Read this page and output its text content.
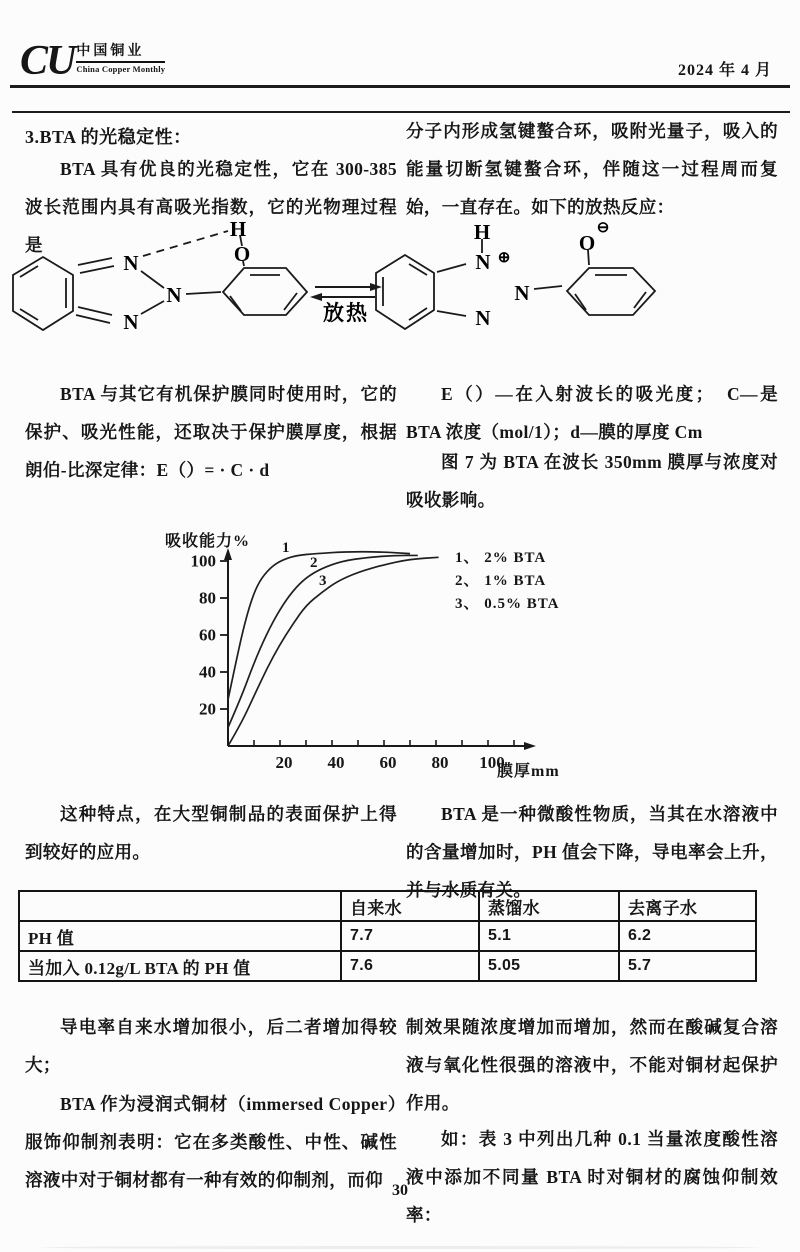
CU 中国铜业
China Copper Monthly	2024 年 4 月
3.BTA 的光稳定性：
BTA 具有优良的光稳定性，它在 300-385 波长范围内具有高吸光指数，它的光物理过程是
分子内形成氢键螯合环，吸附光量子，吸入的能量切断氢键螯合环，伴随这一过程周而复始，一直存在。如下的放热反应：
N
N
N
H
O
放热
H
N ⊕
N
N
O
⊖
BTA 与其它有机保护膜同时使用时，它的保护、吸光性能，还取决于保护膜厚度，根据朗伯-比深定律：E（）= · C · d
E（）—在入射波长的吸光度；　C—是 BTA 浓度（mol/1）；d—膜的厚度 Cm
图 7 为 BTA 在波长 350mm 膜厚与浓度对吸收影响。
20
40
60
80
100
20 40 60 80 100
吸收能力%
膜厚mm
1
2
3
1、 2% BTA
2、 1% BTA
3、 0.5% BTA
这种特点，在大型铜制品的表面保护上得到较好的应用。
BTA 是一种微酸性物质，当其在水溶液中的含量增加时，PH 值会下降，导电率会上升，并与水质有关。
	自来水	蒸馏水	去离子水
PH 值	7.7	5.1	6.2
当加入 0.12g/L BTA 的 PH 值	7.6	5.05	5.7
导电率自来水增加很小，后二者增加得较大；
BTA 作为浸润式铜材（immersed Copper）服饰仰制剂表明：它在多类酸性、中性、碱性溶液中对于铜材都有一种有效的仰制剂，而仰
制效果随浓度增加而增加，然而在酸碱复合溶液与氧化性很强的溶液中，不能对铜材起保护作用。
如：表 3 中列出几种 0.1 当量浓度酸性溶液中添加不同量 BTA 时对铜材的腐蚀仰制效率：
30
